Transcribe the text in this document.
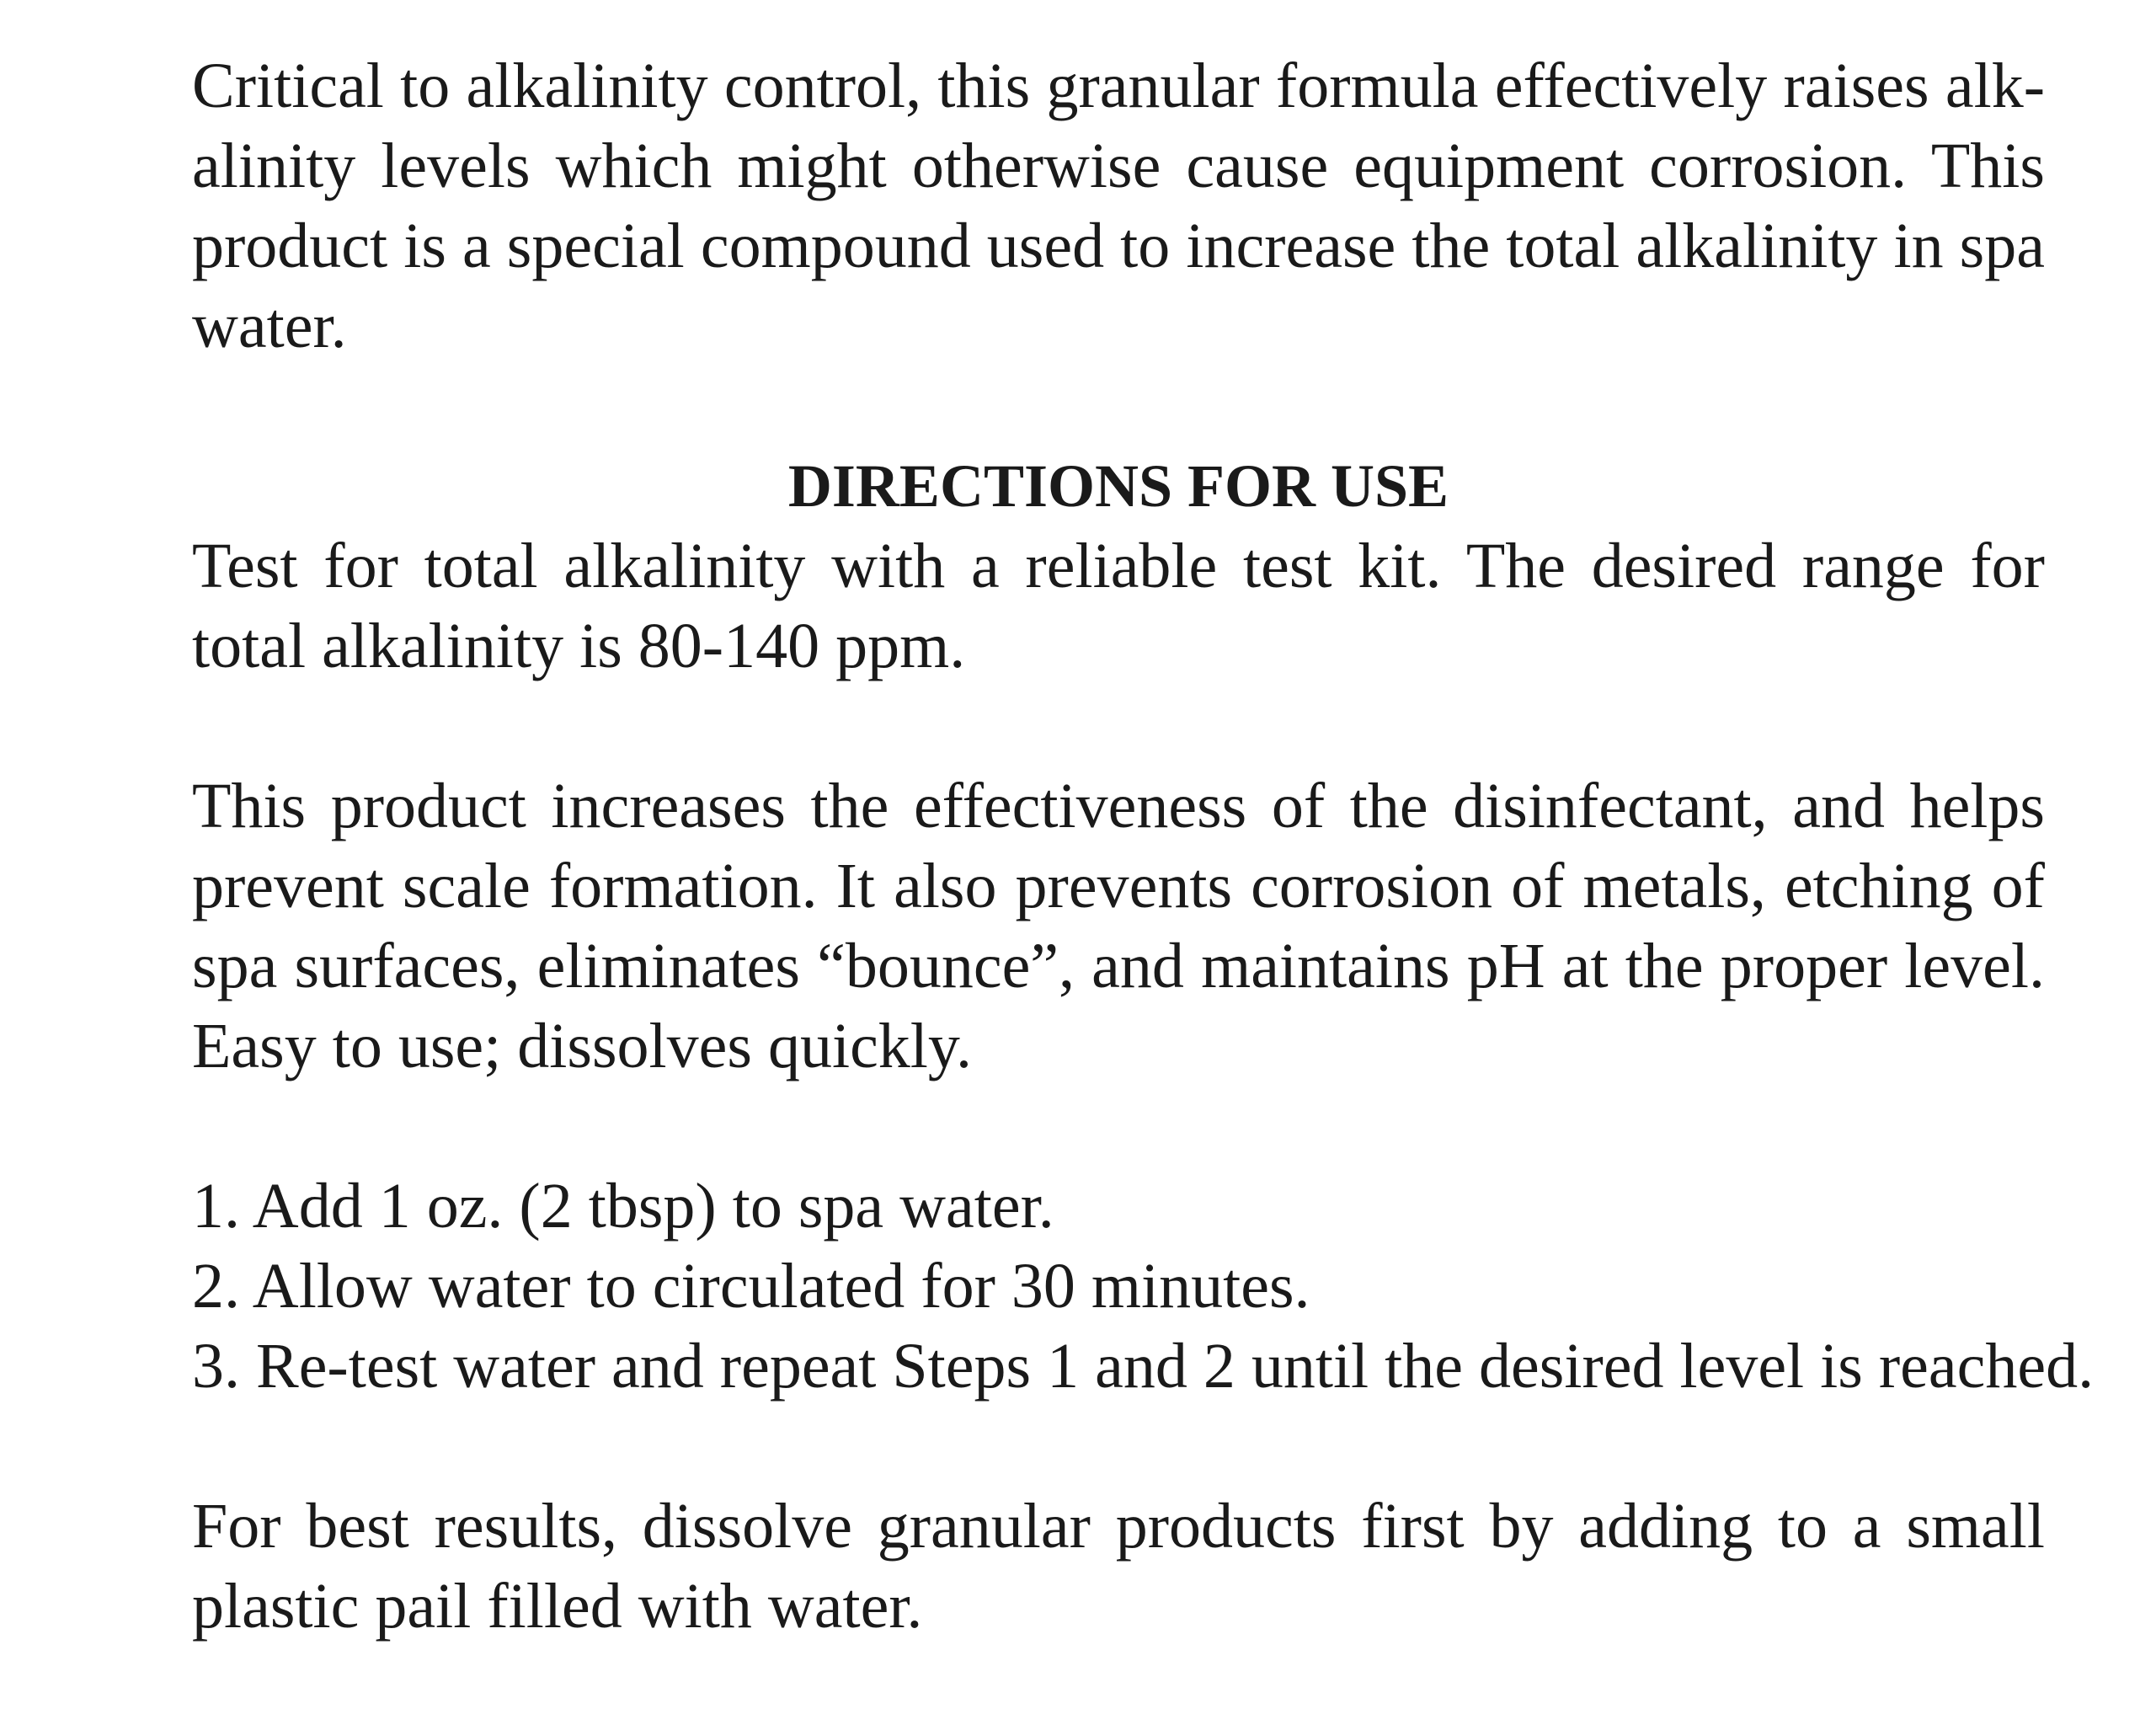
Critical to alkalinity control, this granular formula effectively raises alk-alinity levels which might otherwise cause equipment corrosion. This product is a special compound used to increase the total alkalinity in spa water.

DIRECTIONS FOR USE

Test for total alkalinity with a reliable test kit. The desired range for total alkalinity is 80-140 ppm.

This product increases the effectiveness of the disinfectant, and helps prevent scale formation. It also prevents corrosion of metals, etching of spa surfaces, eliminates “bounce”, and maintains pH at the proper level. Easy to use; dissolves quickly.

1. Add 1 oz. (2 tbsp) to spa water.
2. Allow water to circulated for 30 minutes.
3. Re-test water and repeat Steps 1 and 2 until the desired level is reached.

For best results, dissolve granular products first by adding to a small plastic pail filled with water.
